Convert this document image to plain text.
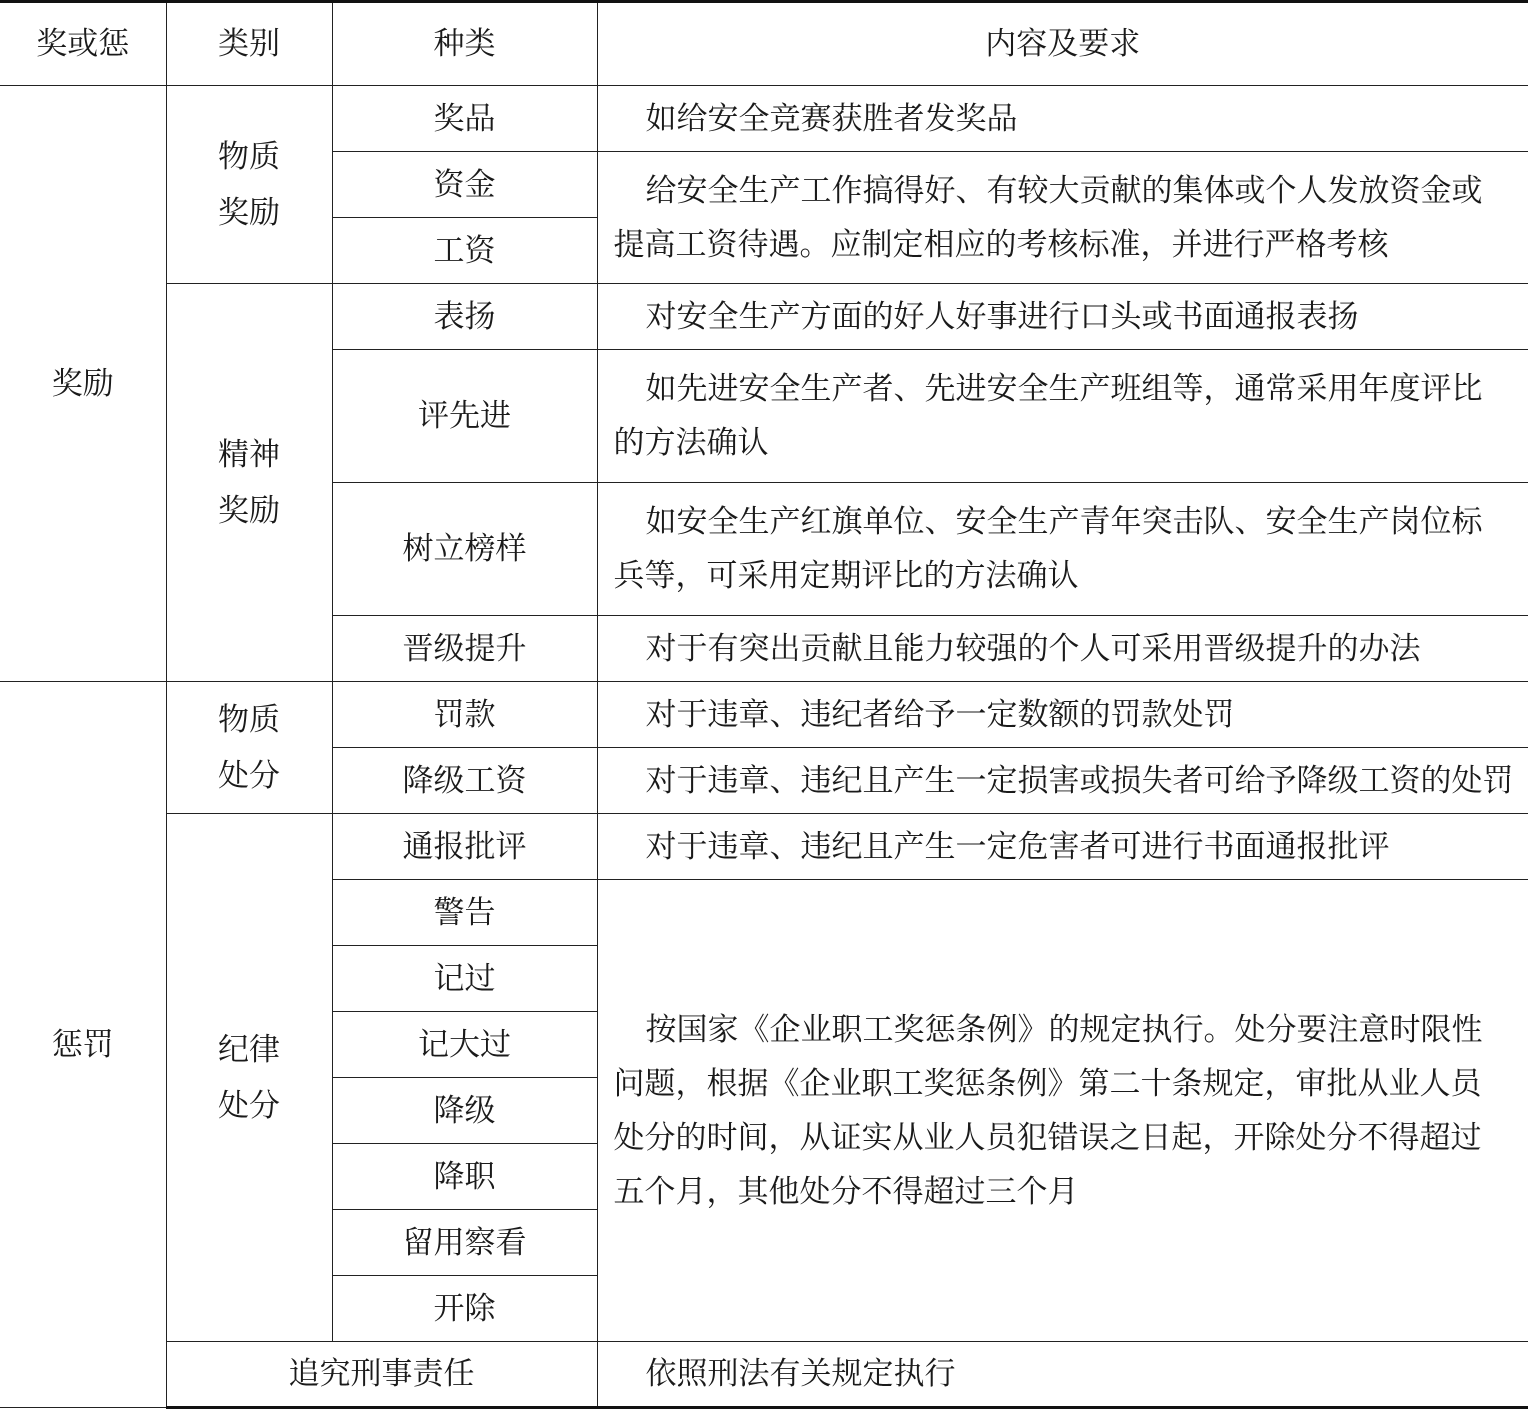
奖或惩	类别	种类	内容及要求

奖励	物质奖励	奖品	如给安全竞赛获胜者发奖品
		资金	给安全生产工作搞得好、有较大贡献的集体或个人发放资金或提高工资待遇。应制定相应的考核标准，并进行严格考核
		工资	
	精神奖励	表扬	对安全生产方面的好人好事进行口头或书面通报表扬
		评先进	如先进安全生产者、先进安全生产班组等，通常采用年度评比的方法确认
		树立榜样	如安全生产红旗单位、安全生产青年突击队、安全生产岗位标兵等，可采用定期评比的方法确认
		晋级提升	对于有突出贡献且能力较强的个人可采用晋级提升的办法

惩罚	物质处分	罚款	对于违章、违纪者给予一定数额的罚款处罚
		降级工资	对于违章、违纪且产生一定损害或损失者可给予降级工资的处罚
	纪律处分	通报批评	对于违章、违纪且产生一定危害者可进行书面通报批评
		警告	按国家《企业职工奖惩条例》的规定执行。处分要注意时限性问题，根据《企业职工奖惩条例》第二十条规定，审批从业人员处分的时间，从证实从业人员犯错误之日起，开除处分不得超过五个月，其他处分不得超过三个月
		记过	
		记大过	
		降级	
		降职	
		留用察看	
		开除	
	追究刑事责任		依照刑法有关规定执行
